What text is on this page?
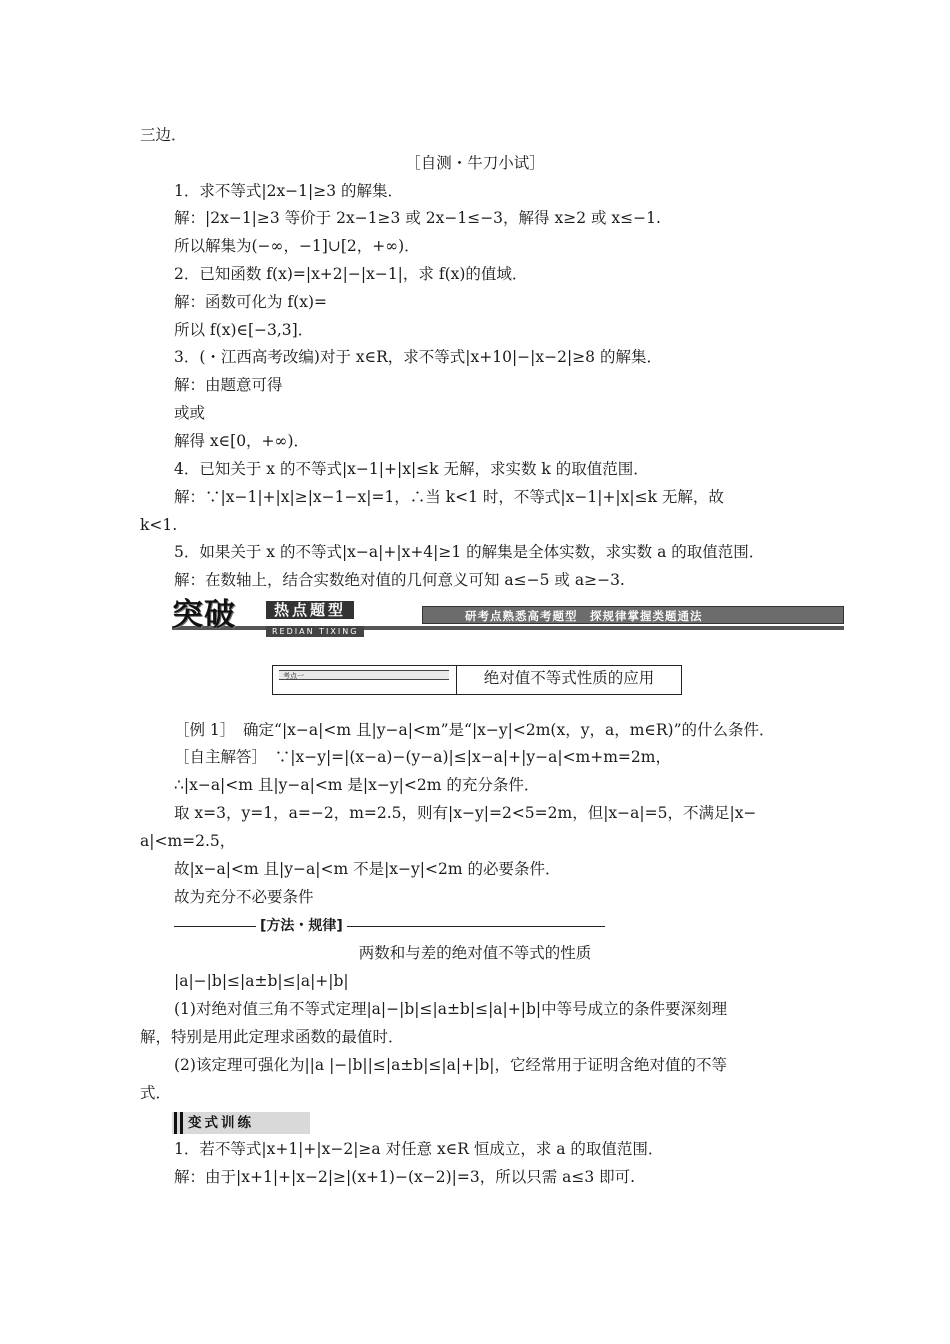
三边．
［自测・牛刀小试］
1．求不等式|2x−1|≥3 的解集．
解：|2x−1|≥3 等价于 2x−1≥3 或 2x−1≤−3，解得 x≥2 或 x≤−1.
所以解集为(−∞，−1]∪[2，+∞)．
2．已知函数 f(x)=|x+2|−|x−1|，求 f(x)的值域．
解：函数可化为 f(x)=
所以 f(x)∈[−3,3]．
3．(・江西高考改编)对于 x∈R，求不等式|x+10|−|x−2|≥8 的解集．
解：由题意可得
或或
解得 x∈[0，+∞)．
4．已知关于 x 的不等式|x−1|+|x|≤k 无解，求实数 k 的取值范围．
解：∵|x−1|+|x|≥|x−1−x|=1，∴当 k<1 时，不等式|x−1|+|x|≤k 无解，故
k<1.
5．如果关于 x 的不等式|x−a|+|x+4|≥1 的解集是全体实数，求实数 a 的取值范围．
解：在数轴上，结合实数绝对值的几何意义可知 a≤−5 或 a≥−3.
突破	热点题型
REDIAN TIXING
研考点熟悉高考题型　探规律掌握类题通法
考点一	绝对值不等式性质的应用
［例 1］　确定“|x−a|<m 且|y−a|<m”是“|x−y|<2m(x，y，a，m∈R)”的什么条件．
［自主解答］　∵|x−y|=|(x−a)−(y−a)|≤|x−a|+|y−a|<m+m=2m，
∴|x−a|<m 且|y−a|<m 是|x−y|<2m 的充分条件．
取 x=3，y=1，a=−2，m=2.5，则有|x−y|=2<5=2m，但|x−a|=5，不满足|x−
a|<m=2.5，
故|x−a|<m 且|y−a|<m 不是|x−y|<2m 的必要条件．
故为充分不必要条件
[方法・规律]
两数和与差的绝对值不等式的性质
|a|−|b|≤|a±b|≤|a|+|b|
(1)对绝对值三角不等式定理|a|−|b|≤|a±b|≤|a|+|b|中等号成立的条件要深刻理
解，特别是用此定理求函数的最值时．
(2)该定理可强化为||a |−|b||≤|a±b|≤|a|+|b|，它经常用于证明含绝对值的不等
式．
变式训练
1．若不等式|x+1|+|x−2|≥a 对任意 x∈R 恒成立，求 a 的取值范围．
解：由于|x+1|+|x−2|≥|(x+1)−(x−2)|=3，所以只需 a≤3 即可.
